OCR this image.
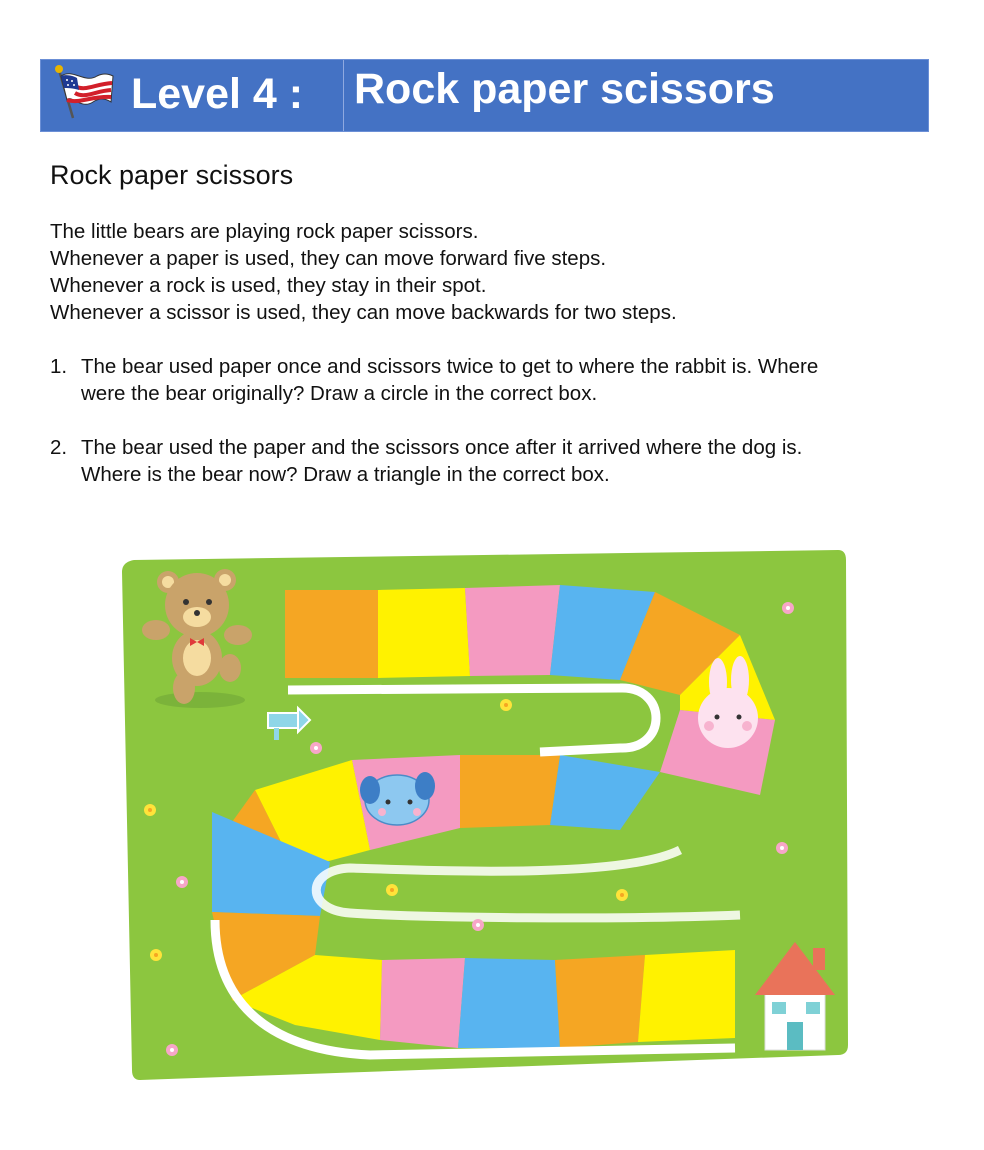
Level 4 : Rock paper scissors
Rock paper scissors
The little bears are playing rock paper scissors.
Whenever a paper is used, they can move forward five steps.
Whenever a rock is used, they stay in their spot.
Whenever a scissor is used, they can move backwards for two steps.
1. The bear used paper once and scissors twice to get to where the rabbit is. Where
were the bear originally? Draw a circle in the correct box.
2. The bear used the paper and the scissors once after it arrived where the dog is.
Where is the bear now? Draw a triangle in the correct box.
